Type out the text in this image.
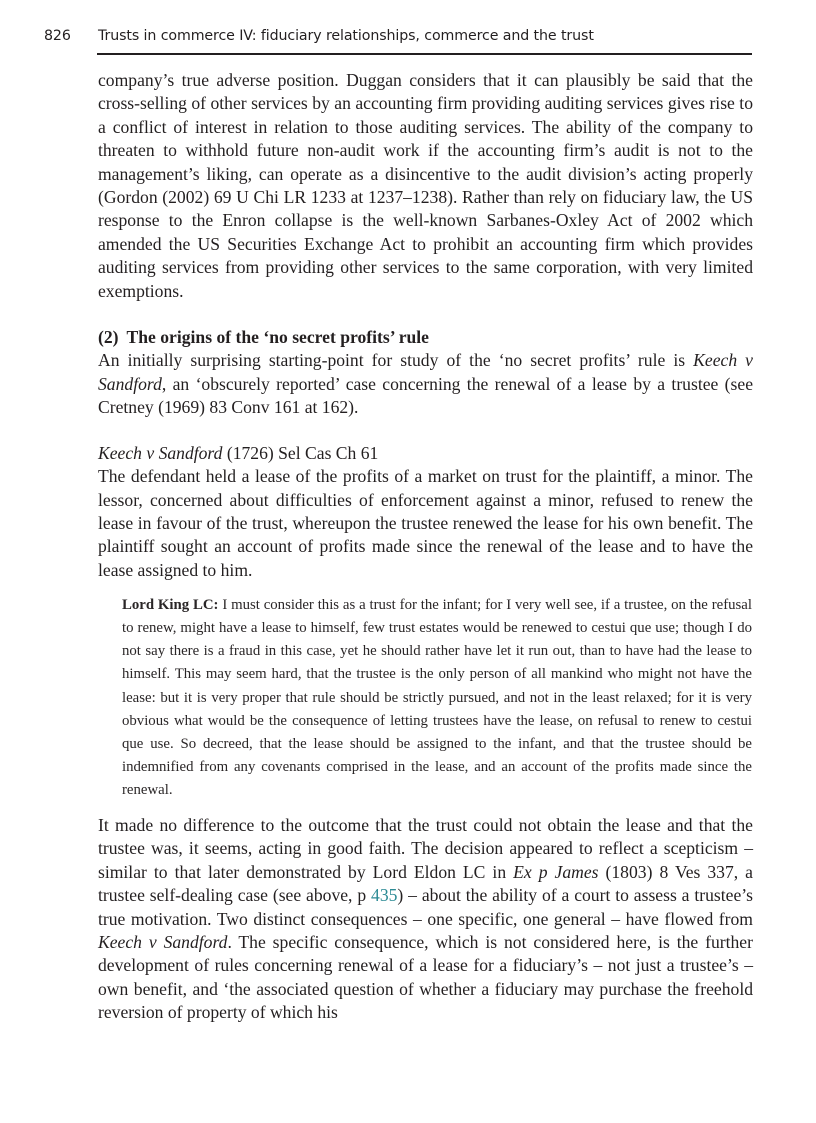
826	Trusts in commerce IV: fiduciary relationships, commerce and the trust

company’s true adverse position. Duggan considers that it can plausibly be said that the cross-selling of other services by an accounting firm providing auditing services gives rise to a conflict of interest in relation to those auditing services. The ability of the company to threaten to withhold future non-audit work if the accounting firm’s audit is not to the management’s liking, can operate as a disincentive to the audit division’s acting properly (Gordon (2002) 69 U Chi LR 1233 at 1237–1238). Rather than rely on fiduciary law, the US response to the Enron collapse is the well-known Sarbanes-Oxley Act of 2002 which amended the US Securities Exchange Act to prohibit an accounting firm which provides auditing services from providing other services to the same corporation, with very limited exemptions.

(2) The origins of the ‘no secret profits’ rule

An initially surprising starting-point for study of the ‘no secret profits’ rule is Keech v Sandford, an ‘obscurely reported’ case concerning the renewal of a lease by a trustee (see Cretney (1969) 83 Conv 161 at 162).

Keech v Sandford (1726) Sel Cas Ch 61

The defendant held a lease of the profits of a market on trust for the plaintiff, a minor. The lessor, concerned about difficulties of enforcement against a minor, refused to renew the lease in favour of the trust, whereupon the trustee renewed the lease for his own benefit. The plaintiff sought an account of profits made since the renewal of the lease and to have the lease assigned to him.

Lord King LC: I must consider this as a trust for the infant; for I very well see, if a trustee, on the refusal to renew, might have a lease to himself, few trust estates would be renewed to cestui que use; though I do not say there is a fraud in this case, yet he should rather have let it run out, than to have had the lease to himself. This may seem hard, that the trustee is the only person of all mankind who might not have the lease: but it is very proper that rule should be strictly pursued, and not in the least relaxed; for it is very obvious what would be the consequence of letting trustees have the lease, on refusal to renew to cestui que use. So decreed, that the lease should be assigned to the infant, and that the trustee should be indemnified from any covenants comprised in the lease, and an account of the profits made since the renewal.

It made no difference to the outcome that the trust could not obtain the lease and that the trustee was, it seems, acting in good faith. The decision appeared to reflect a scepticism – similar to that later demonstrated by Lord Eldon LC in Ex p James (1803) 8 Ves 337, a trustee self-dealing case (see above, p 435) – about the ability of a court to assess a trustee’s true motivation. Two distinct consequences – one specific, one general – have flowed from Keech v Sandford. The specific consequence, which is not considered here, is the further development of rules concerning renewal of a lease for a fiduciary’s – not just a trustee’s – own benefit, and ‘the associated question of whether a fiduciary may purchase the freehold reversion of property of which his
